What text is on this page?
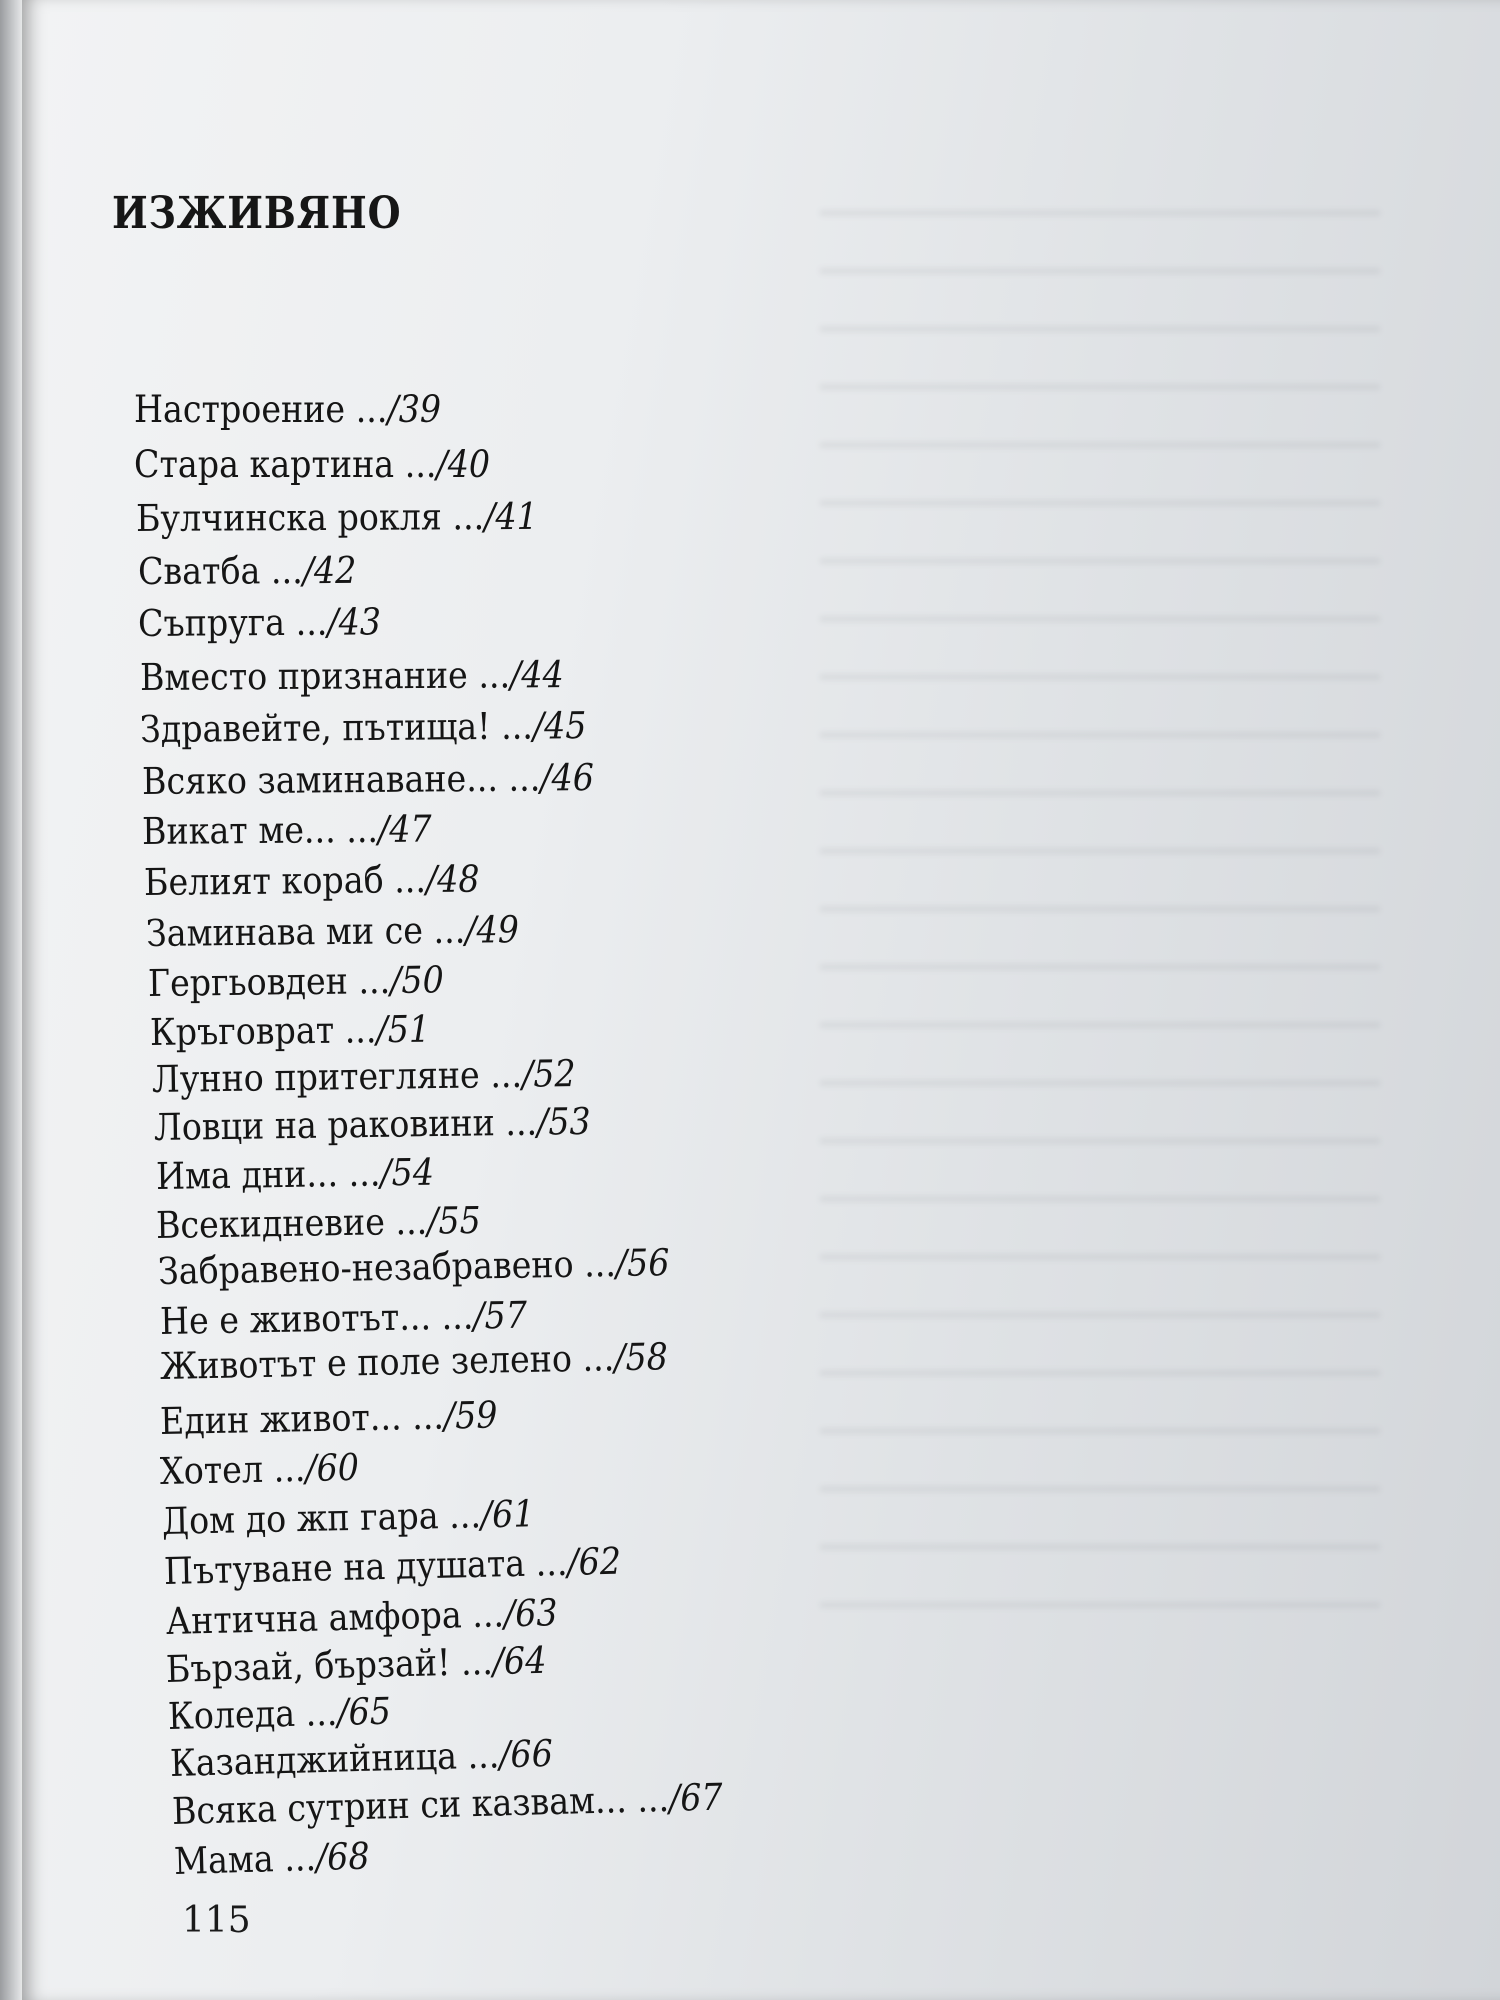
ИЗЖИВЯНО
Настроение .../39
Стара картина .../40
Булчинска рокля .../41
Сватба .../42
Съпруга .../43
Вместо признание .../44
Здравейте, пътища! .../45
Всяко заминаване... .../46
Викат ме... .../47
Белият кораб .../48
Заминава ми се .../49
Гергьовден .../50
Кръговрат .../51
Лунно притегляне .../52
Ловци на раковини .../53
Има дни... .../54
Всекидневие .../55
Забравено-незабравено .../56
Не е животът... .../57
Животът е поле зелено .../58
Един живот... .../59
Хотел .../60
Дом до жп гара .../61
Пътуване на душата .../62
Антична амфора .../63
Бързай, бързай! .../64
Коледа .../65
Казанджийница .../66
Всяка сутрин си казвам... .../67
Мама .../68
115
